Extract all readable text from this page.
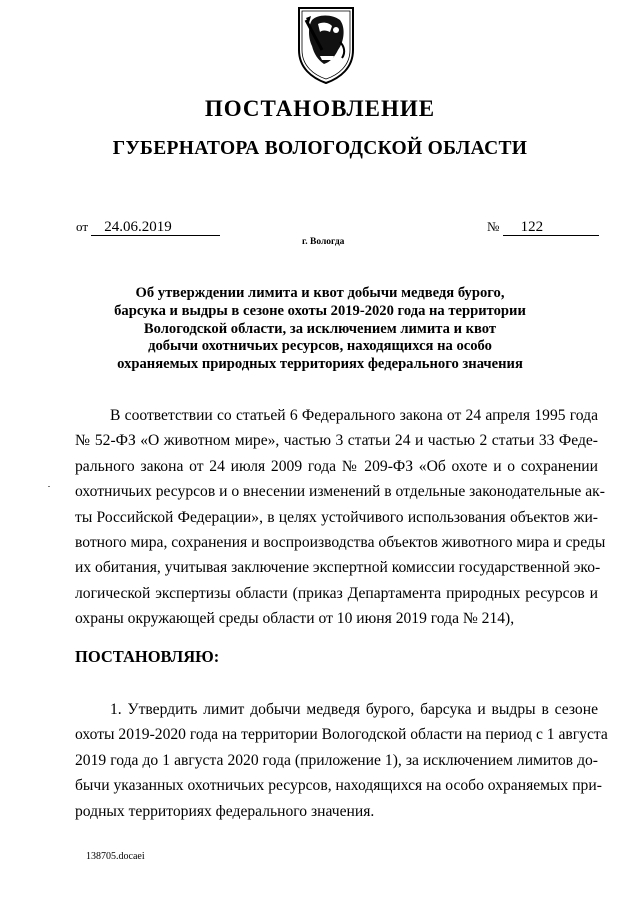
ПОСТАНОВЛЕНИЕ
ГУБЕРНАТОРА ВОЛОГОДСКОЙ ОБЛАСТИ
от 24.06.2019	№ 122
г. Вологда
Об утверждении лимита и квот добычи медведя бурого,
барсука и выдры в сезоне охоты 2019-2020 года на территории
Вологодской области, за исключением лимита и квот
добычи охотничьих ресурсов, находящихся на особо
охраняемых природных территориях федерального значения
В соответствии со статьей 6 Федерального закона от 24 апреля 1995 года
№ 52-ФЗ «О животном мире», частью 3 статьи 24 и частью 2 статьи 33 Феде-
рального закона от 24 июля 2009 года № 209-ФЗ «Об охоте и о сохранении
охотничьих ресурсов и о внесении изменений в отдельные законодательные ак-
ты Российской Федерации», в целях устойчивого использования объектов жи-
вотного мира, сохранения и воспроизводства объектов животного мира и среды
их обитания, учитывая заключение экспертной комиссии государственной эко-
логической экспертизы области (приказ Департамента природных ресурсов и
охраны окружающей среды области от 10 июня 2019 года № 214),
ПОСТАНОВЛЯЮ:
1. Утвердить лимит добычи медведя бурого, барсука и выдры в сезоне
охоты 2019-2020 года на территории Вологодской области на период с 1 августа
2019 года до 1 августа 2020 года (приложение 1), за исключением лимитов до-
бычи указанных охотничьих ресурсов, находящихся на особо охраняемых при-
родных территориях федерального значения.
138705.docaei
